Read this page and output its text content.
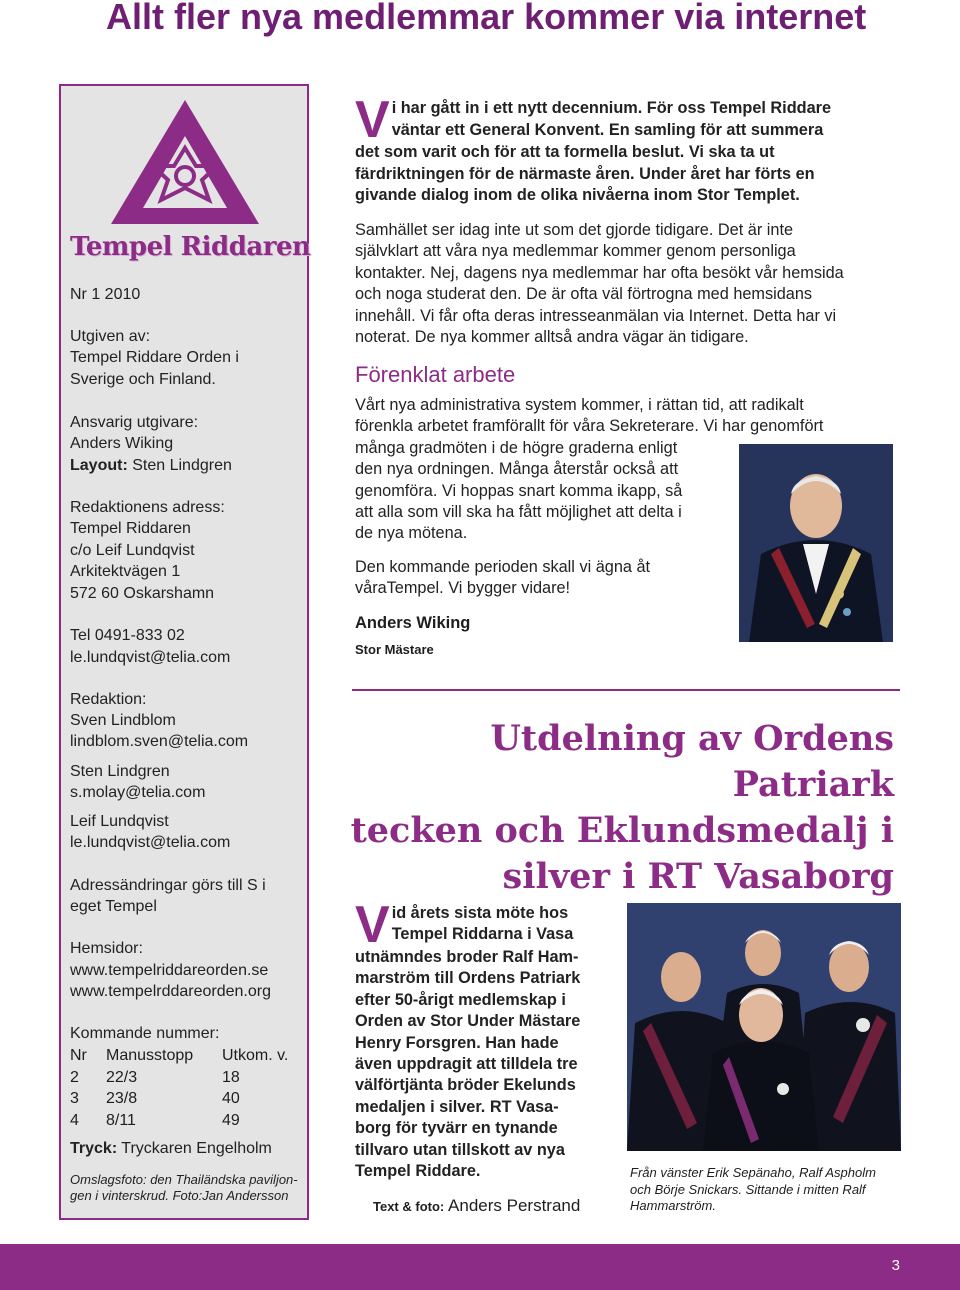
Allt fler nya medlemmar kommer via internet
Tempel Riddaren
Nr 1 2010
Utgiven av:
Tempel Riddare Orden i
Sverige och Finland.
Ansvarig utgivare:
Anders Wiking
Layout: Sten Lindgren
Redaktionens adress:
Tempel Riddaren
c/o Leif Lundqvist
Arkitektvägen 1
572 60 Oskarshamn
Tel 0491-833 02
le.lundqvist@telia.com
Redaktion:
Sven Lindblom
lindblom.sven@telia.com
Sten Lindgren
s.molay@telia.com
Leif Lundqvist
le.lundqvist@telia.com
Adressändringar görs till S i
eget Tempel
Hemsidor:
www.tempelriddareorden.se
www.tempelrddareorden.org
Kommande nummer:
Nr	Manusstopp	Utkom. v.
2	22/3	18
3	23/8	40
4	8/11	49
Tryck: Tryckaren Engelholm
Omslagsfoto: den Thailändska paviljon-
gen i vinterskrud. Foto:Jan Andersson
V i har gått in i ett nytt decennium. För oss Tempel Riddare
väntar ett General Konvent. En samling för att summera
det som varit och för att ta formella beslut. Vi ska ta ut
färdriktningen för de närmaste åren. Under året har förts en
givande dialog inom de olika nivåerna inom Stor Templet.
Samhället ser idag inte ut som det gjorde tidigare. Det är inte
självklart att våra nya medlemmar kommer genom personliga
kontakter. Nej, dagens nya medlemmar har ofta besökt vår hemsida
och noga studerat den. De är ofta väl förtrogna med hemsidans
innehåll. Vi får ofta deras intresseanmälan via Internet. Detta har vi
noterat. De nya kommer alltså andra vägar än tidigare.
Förenklat arbete
Vårt nya administrativa system kommer, i rättan tid, att radikalt
förenkla arbetet framförallt för våra Sekreterare. Vi har genomfört
många gradmöten i de högre graderna enligt
den nya ordningen. Många återstår också att
genomföra. Vi hoppas snart komma ikapp, så
att alla som vill ska ha fått möjlighet att delta i
de nya mötena.
Den kommande perioden skall vi ägna åt
våraTempel. Vi bygger vidare!
Anders Wiking
Stor Mästare
Utdelning av Ordens Patriark
tecken och Eklundsmedalj i
silver i RT Vasaborg
V id årets sista möte hos
Tempel Riddarna i Vasa
utnämndes broder Ralf Ham-
marström till Ordens Patriark
efter 50-årigt medlemskap i
Orden av Stor Under Mästare
Henry Forsgren. Han hade
även uppdragit att tilldela tre
välförtjänta bröder Ekelunds
medaljen i silver. RT Vasa-
borg för tyvärr en tynande
tillvaro utan tillskott av nya
Tempel Riddare.
Text & foto: Anders Perstrand
Från vänster Erik Sepänaho, Ralf Aspholm
och Börje Snickars. Sittande i mitten Ralf
Hammarström.
3
